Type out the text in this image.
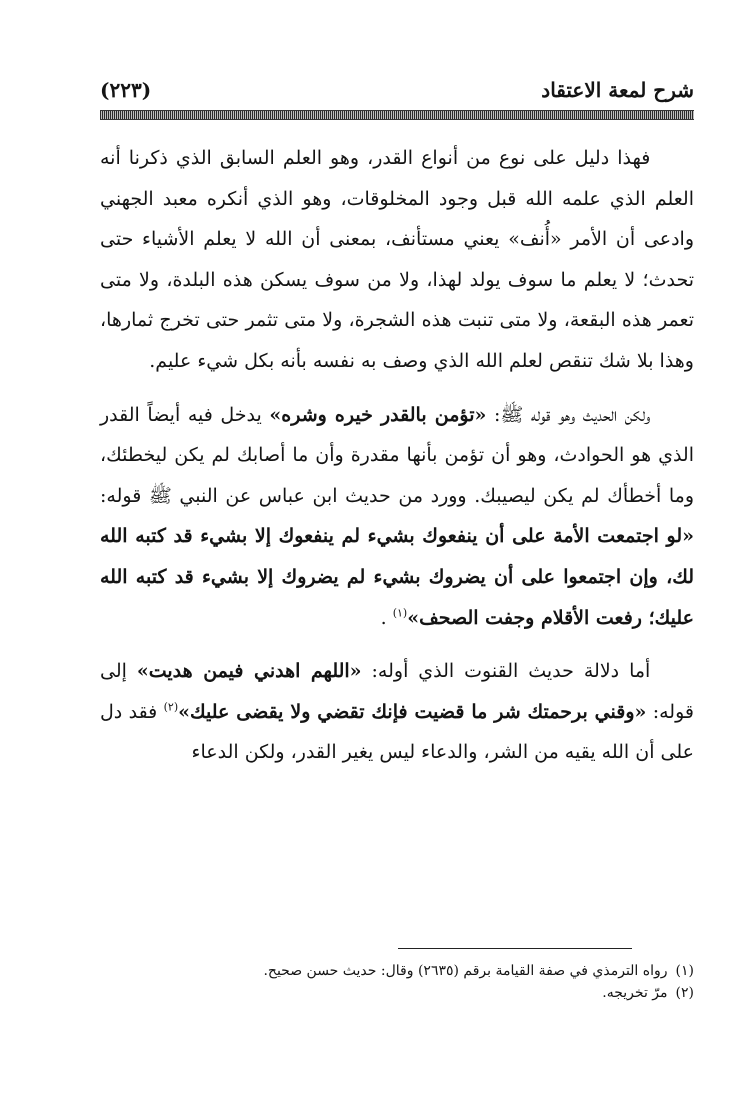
شرح لمعة الاعتقاد
(٢٢٣)

فهذا دليل على نوع من أنواع القدر، وهو العلم السابق الذي ذكرنا أنه العلم الذي علمه الله قبل وجود المخلوقات، وهو الذي أنكره معبد الجهني وادعى أن الأمر «أُنف» يعني مستأنف، بمعنى أن الله لا يعلم الأشياء حتى تحدث؛ لا يعلم ما سوف يولد لهذا، ولا من سوف يسكن هذه البلدة، ولا متى تعمر هذه البقعة، ولا متى تنبت هذه الشجرة، ولا متى تثمر حتى تخرج ثمارها، وهذا بلا شك تنقص لعلم الله الذي وصف به نفسه بأنه بكل شيء عليم.

ولكن الحديث وهو قوله ﷺ: «تؤمن بالقدر خيره وشره» يدخل فيه أيضاً القدر الذي هو الحوادث، وهو أن تؤمن بأنها مقدرة وأن ما أصابك لم يكن ليخطئك، وما أخطأك لم يكن ليصيبك. وورد من حديث ابن عباس عن النبي ﷺ قوله: «لو اجتمعت الأمة على أن ينفعوك بشيء لم ينفعوك إلا بشيء قد كتبه الله لك، وإن اجتمعوا على أن يضروك بشيء لم يضروك إلا بشيء قد كتبه الله عليك؛ رفعت الأقلام وجفت الصحف»$^{(١)}$ .

أما دلالة حديث القنوت الذي أوله: «اللهم اهدني فيمن هديت» إلى قوله: «وقني برحمتك شر ما قضيت فإنك تقضي ولا يقضى عليك»$^{(٢)}$ فقد دل على أن الله يقيه من الشر، والدعاء ليس يغير القدر، ولكن الدعاء

(١)
رواه الترمذي في صفة القيامة برقم (٢٦٣٥) وقال: حديث حسن صحيح.
(٢)
مرّ تخريجه.
